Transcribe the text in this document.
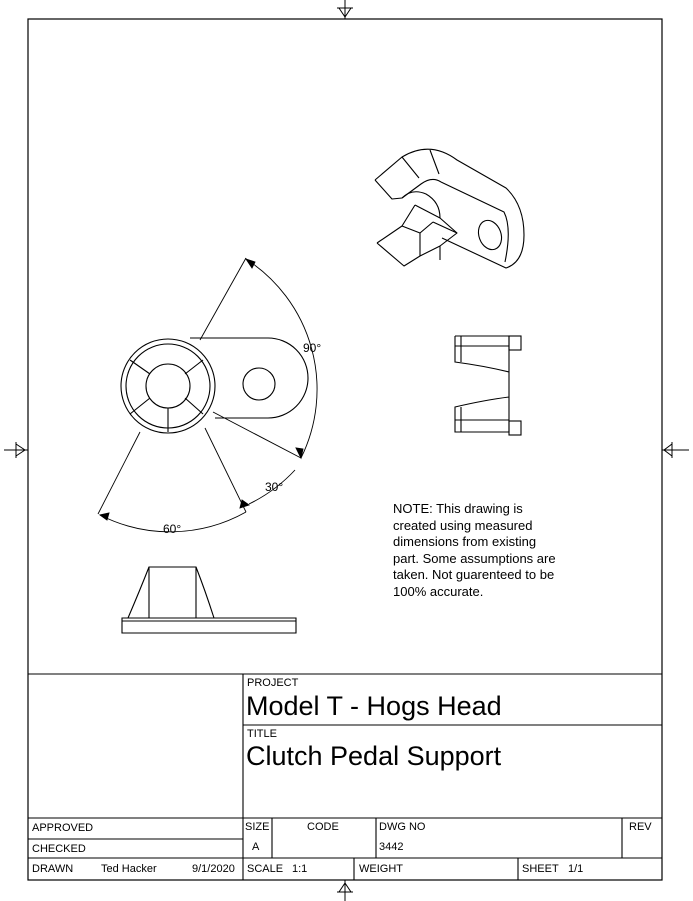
90°
30°
60°
NOTE: This drawing is
created using measured
dimensions from existing
part. Some assumptions are
taken. Not guarenteed to be
100% accurate.
PROJECT
Model T - Hogs Head
TITLE
Clutch Pedal Support
APPROVED
CHECKED
DRAWN	Ted Hacker	9/1/2020
SIZE
A
CODE	DWG NO
3442
REV
SCALE 1:1	WEIGHT	SHEET 1/1
